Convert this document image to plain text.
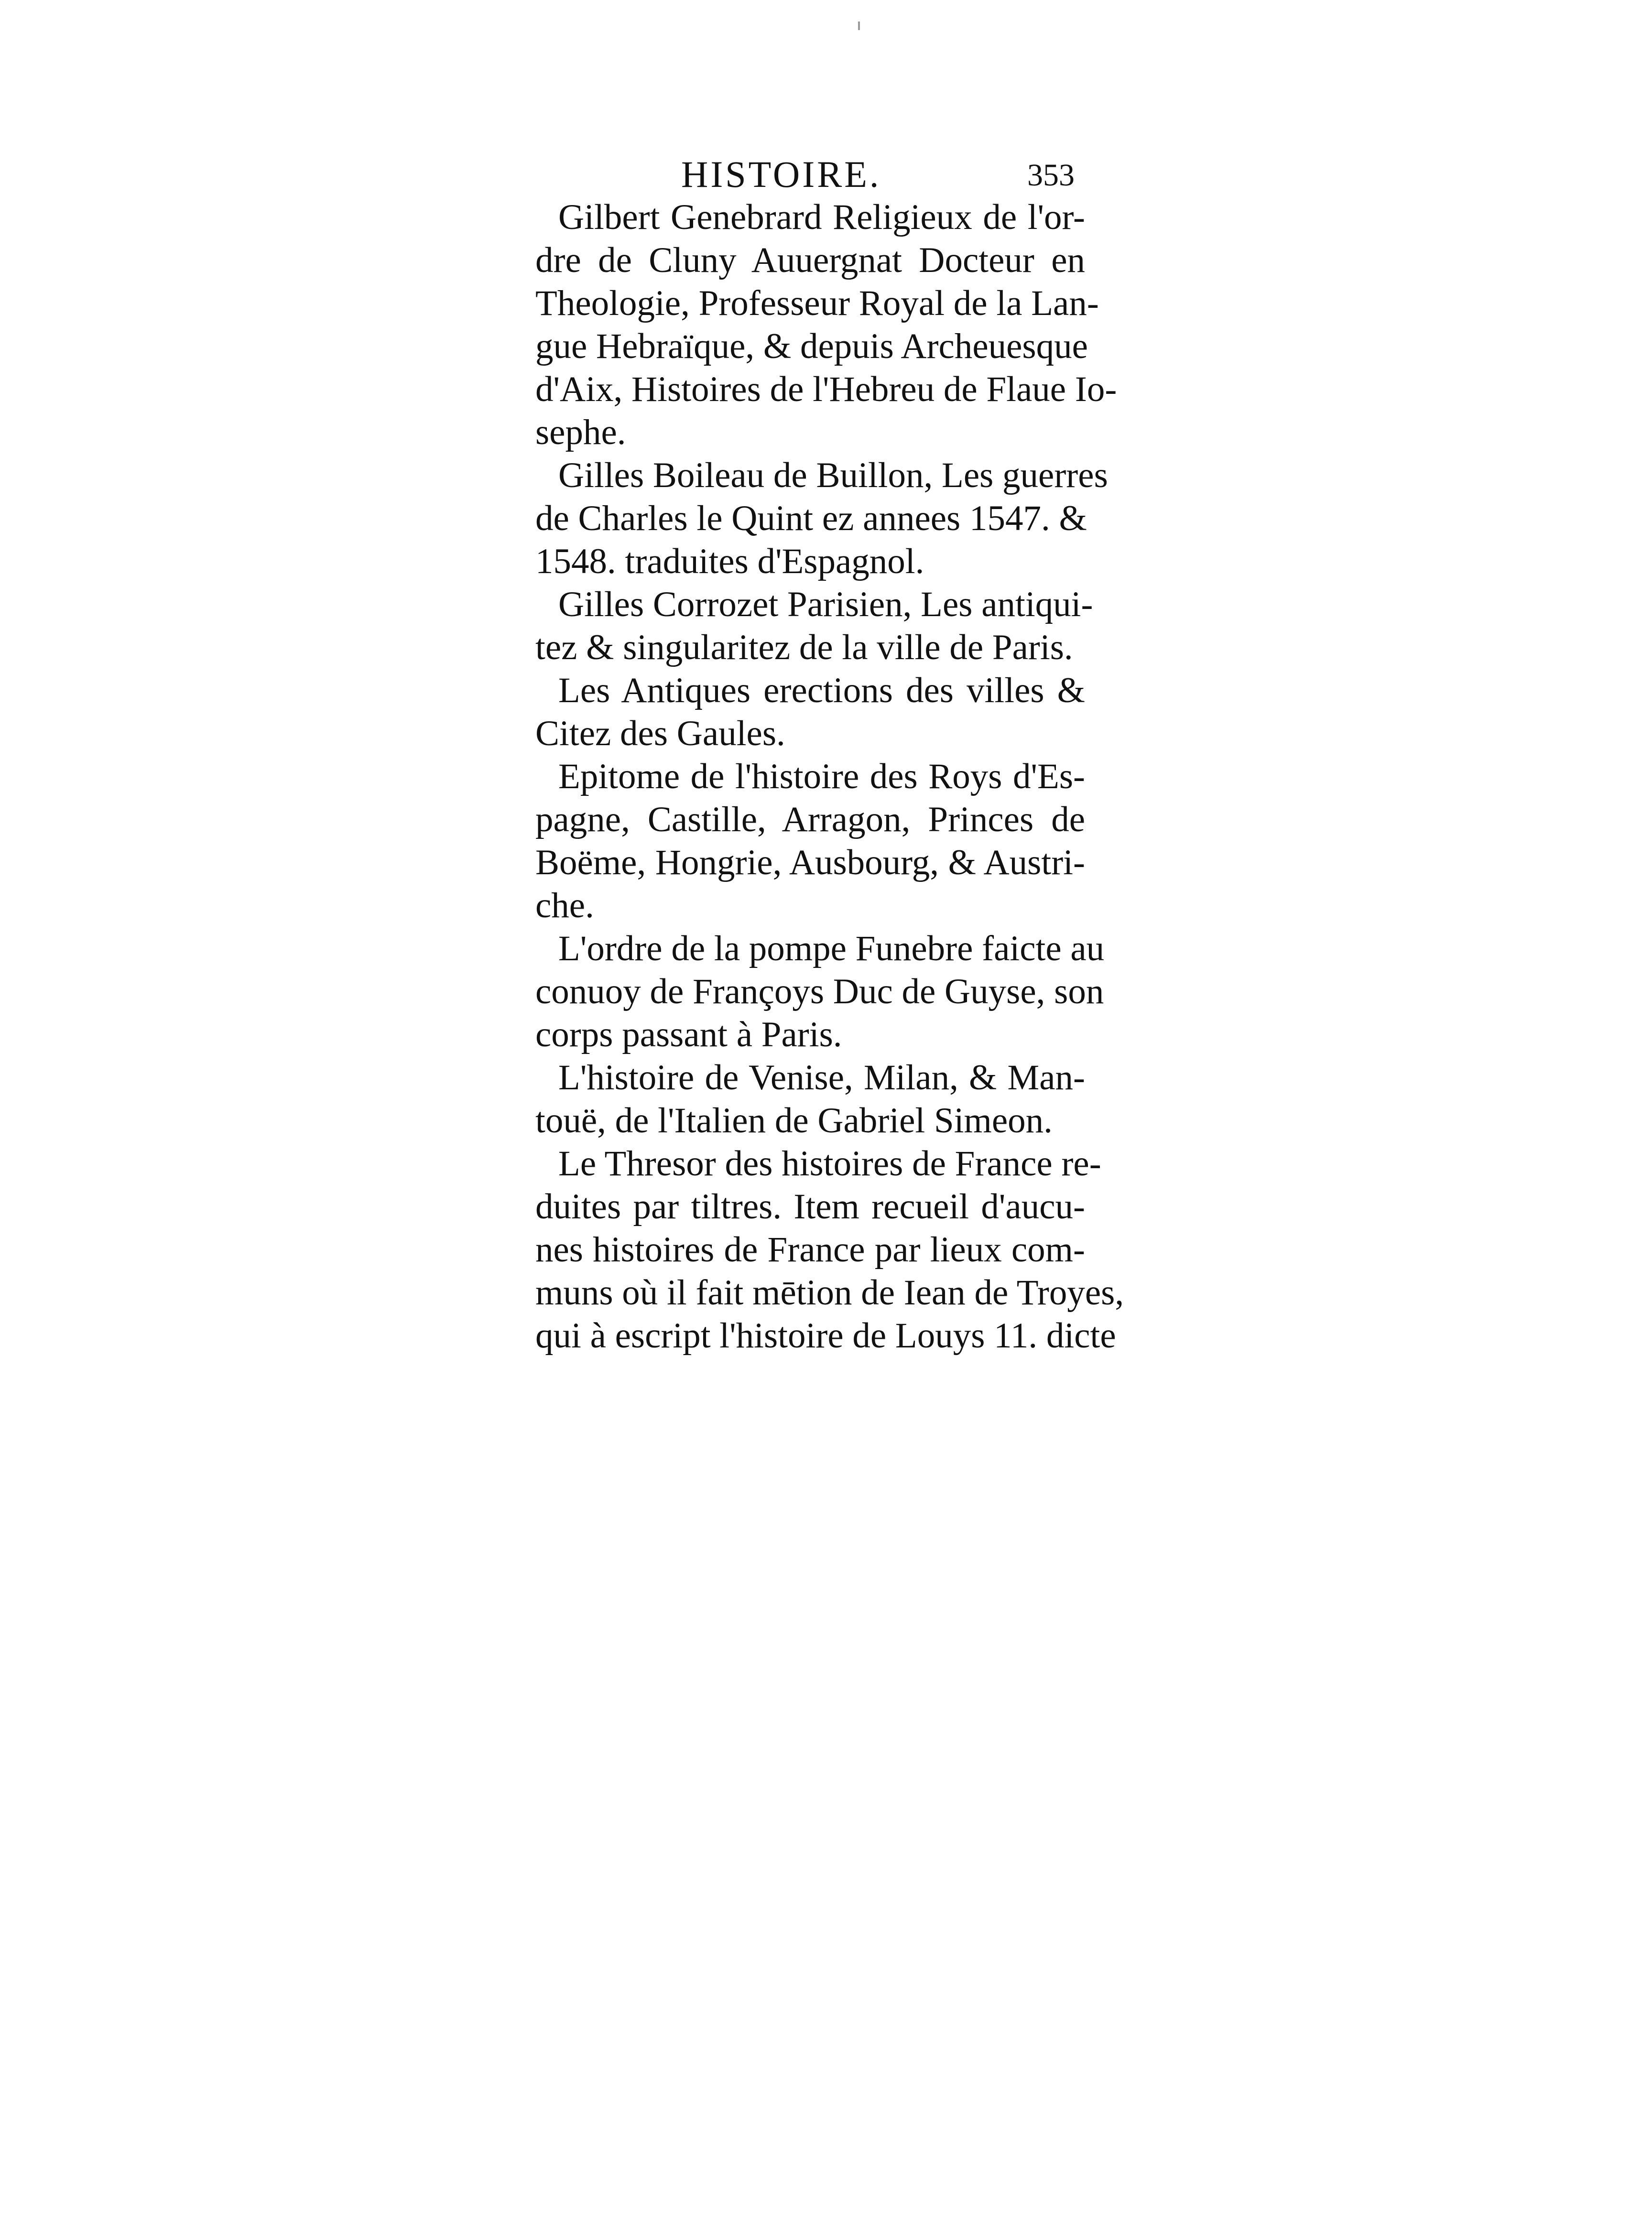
HISTOIRE.	353

Gilbert Genebrard Religieux de l'or-
dre de Cluny Auuergnat Docteur en
Theologie, Professeur Royal de la Lan-
gue Hebraïque, & depuis Archeuesque
d'Aix, Histoires de l'Hebreu de Flaue Io-
sephe.

Gilles Boileau de Buillon, Les guerres
de Charles le Quint ez annees 1547. &
1548. traduites d'Espagnol.

Gilles Corrozet Parisien, Les antiqui-
tez & singularitez de la ville de Paris.

Les Antiques erections des villes &
Citez des Gaules.

Epitome de l'histoire des Roys d'Es-
pagne, Castille, Arragon, Princes de
Boëme, Hongrie, Ausbourg, & Austri-
che.

L'ordre de la pompe Funebre faicte au
conuoy de Françoys Duc de Guyse, son
corps passant à Paris.

L'histoire de Venise, Milan, & Man-
touë, de l'Italien de Gabriel Simeon.

Le Thresor des histoires de France re-
duites par tiltres. Item recueil d'aucu-
nes histoires de France par lieux com-
muns où il fait mētion de Iean de Troyes,
qui à escript l'histoire de Louys 11. dicte
